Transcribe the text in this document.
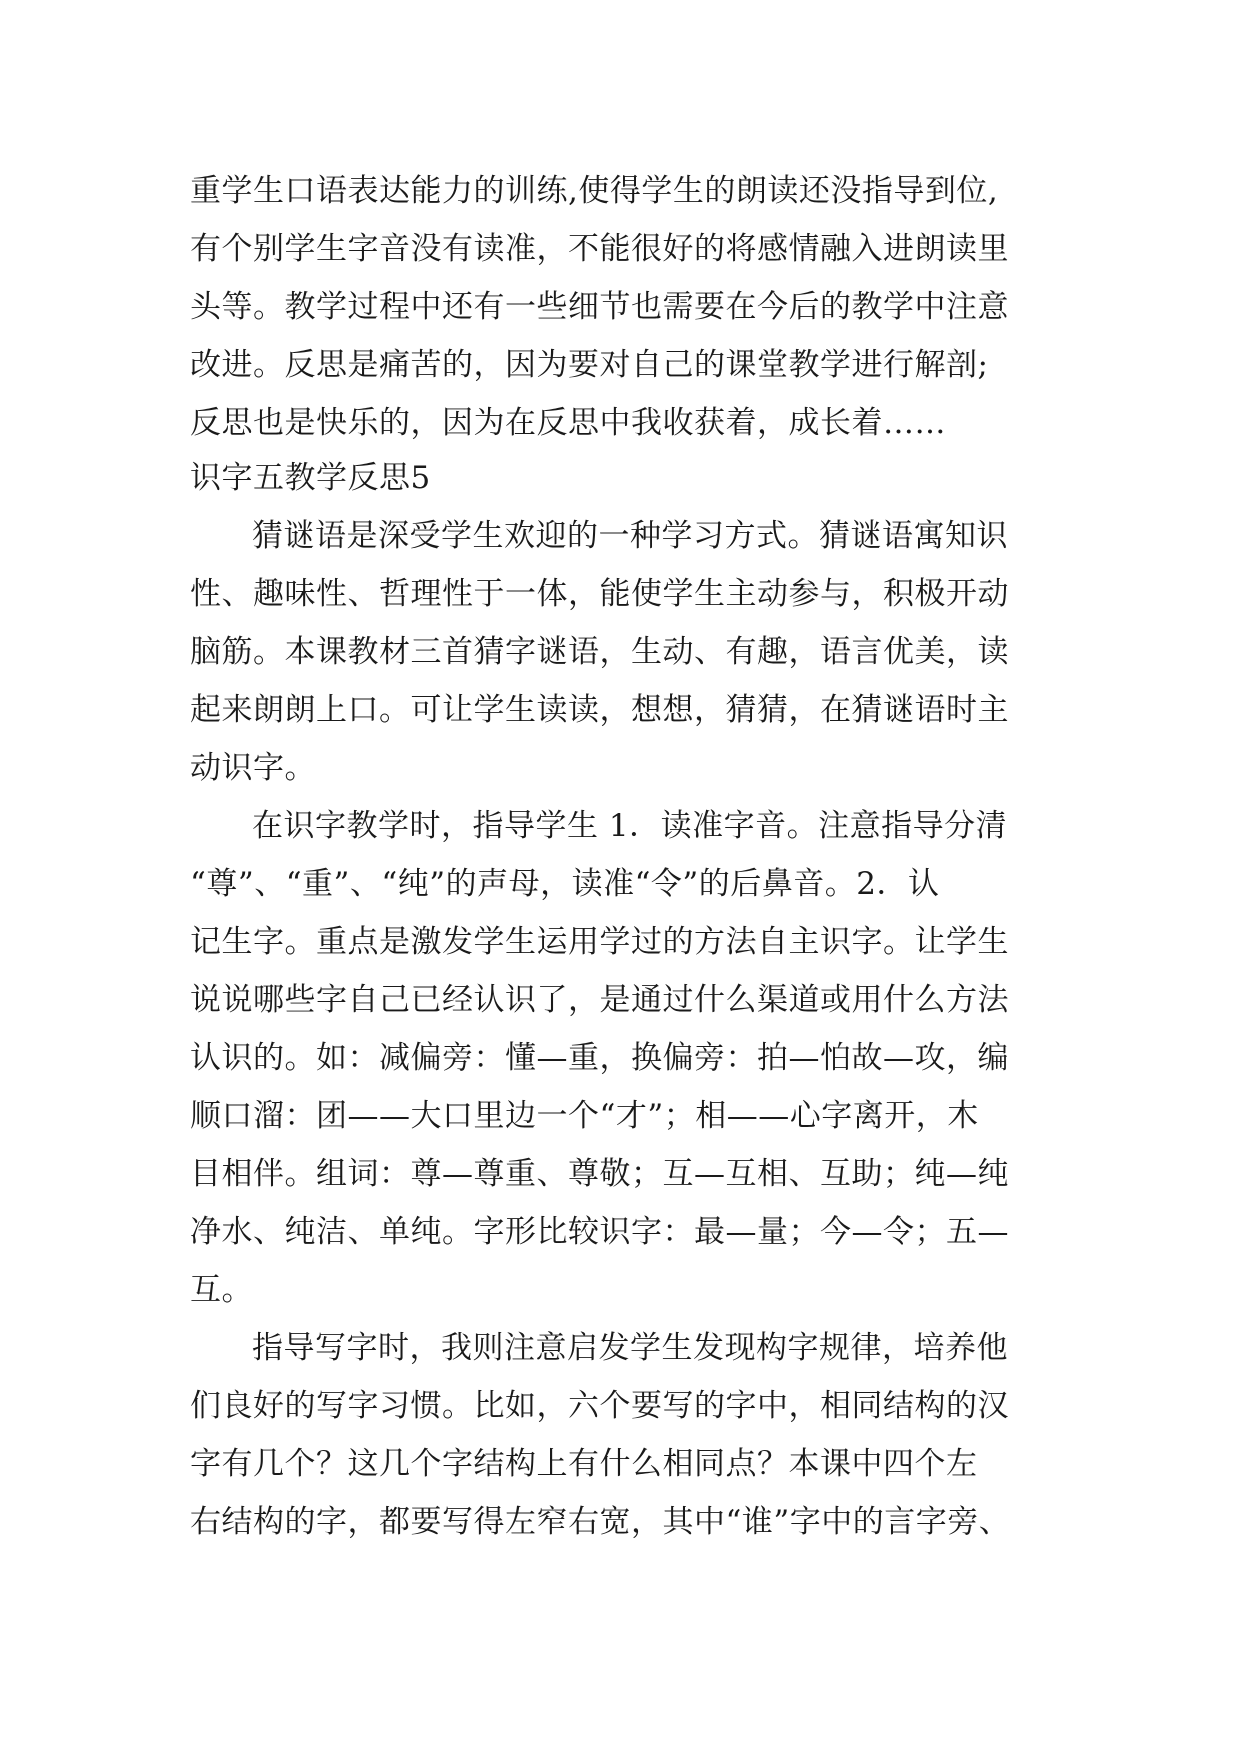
重学生口语表达能力的训练,使得学生的朗读还没指导到位,
有个别学生字音没有读准，不能很好的将感情融入进朗读里
头等。教学过程中还有一些细节也需要在今后的教学中注意
改进。反思是痛苦的，因为要对自己的课堂教学进行解剖;
反思也是快乐的，因为在反思中我收获着，成长着……
识字五教学反思5
猜谜语是深受学生欢迎的一种学习方式。猜谜语寓知识
性、趣味性、哲理性于一体，能使学生主动参与，积极开动
脑筋。本课教材三首猜字谜语，生动、有趣，语言优美，读
起来朗朗上口。可让学生读读，想想，猜猜，在猜谜语时主
动识字。
在识字教学时，指导学生 1．读准字音。注意指导分清
“尊”、“重”、“纯”的声母，读准“令”的后鼻音。2．认
记生字。重点是激发学生运用学过的方法自主识字。让学生
说说哪些字自己已经认识了，是通过什么渠道或用什么方法
认识的。如：减偏旁：懂—重，换偏旁：拍—怕故—攻，编
顺口溜：团——大口里边一个“才”；相——心字离开，木
目相伴。组词：尊—尊重、尊敬；互—互相、互助；纯—纯
净水、纯洁、单纯。字形比较识字：最—量；今—令；五—
互。
指导写字时，我则注意启发学生发现构字规律，培养他
们良好的写字习惯。比如，六个要写的字中，相同结构的汉
字有几个？这几个字结构上有什么相同点？本课中四个左
右结构的字，都要写得左窄右宽，其中“谁”字中的言字旁、
